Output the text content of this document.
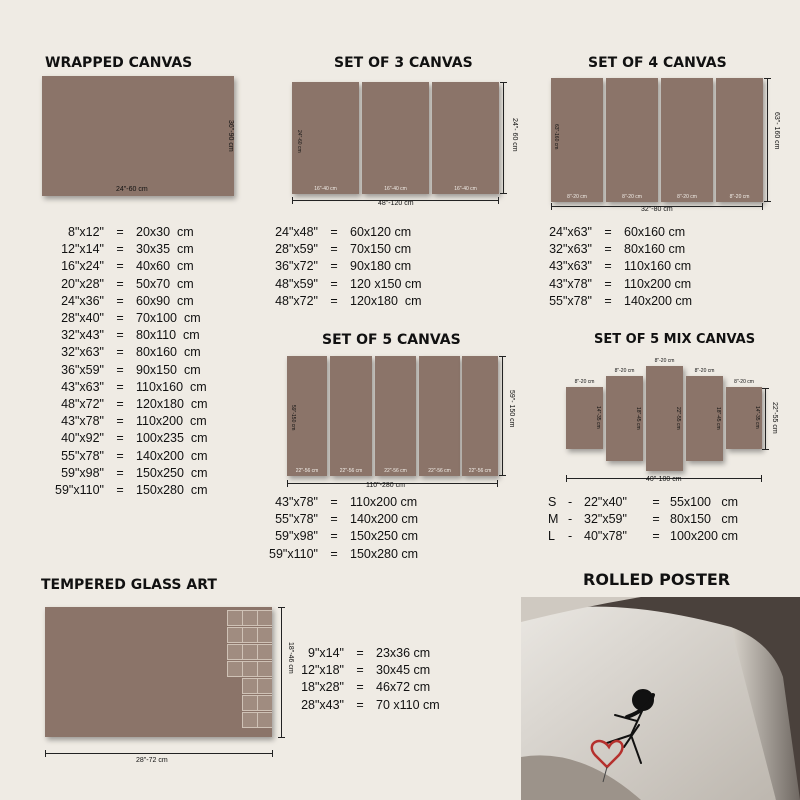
WRAPPED CANVAS
24"-60 cm
36"-90 cm
8"x12" = 20x30  cm
12"x14" = 30x35  cm
16"x24" = 40x60  cm
20"x28" = 50x70  cm
24"x36" = 60x90  cm
28"x40" = 70x100  cm
32"x43" = 80x110  cm
32"x63" = 80x160  cm
36"x59" = 90x150  cm
43"x63" = 110x160  cm
48"x72" = 120x180  cm
43"x78" = 110x200  cm
40"x92" = 100x235  cm
55"x78" = 140x200  cm
59"x98" = 150x250  cm
59"x110" = 150x280  cm
SET OF 3 CANVAS
16"-40 cm	16"-40 cm	16"-40 cm
24"-60 cm	24"- 60 cm
48"-120 cm
24"x48" = 60x120 cm
28"x59" = 70x150 cm
36"x72" = 90x180 cm
48"x59" = 120 x150 cm
48"x72" = 120x180  cm
SET OF 4 CANVAS
8"-20 cm	8"-20 cm	8"-20 cm	8"-20 cm
63"-160 cm	63"- 160 cm
32"-80 cm
24"x63" = 60x160 cm
32"x63" = 80x160 cm
43"x63" = 110x160 cm
43"x78" = 110x200 cm
55"x78" = 140x200 cm
SET OF 5 CANVAS
22"-56 cm	22"-56 cm	22"-56 cm	22"-56 cm	22"-56 cm
59"-150 cm	59"- 150 cm
110"-280 cm
43"x78" = 110x200 cm
55"x78" = 140x200 cm
59"x98" = 150x250 cm
59"x110" = 150x280 cm
SET OF 5 MIX CANVAS
8"-20 cm
14"-35 cm
8"-20 cm
18"-45 cm
8"-20 cm
22"-55 cm
8"-20 cm
18"-45 cm
8"-20 cm
14"-35 cm 22"-55 cm
40"-100 cm
S - 22"x40"	= 55x100   cm
M - 32"x59"	= 80x150   cm
L	- 40"x78"	= 100x200 cm
TEMPERED GLASS ART
28"-72 cm
18"-46 cm	9"x14" = 23x36 cm
12"x18" = 30x45 cm
18"x28" = 46x72 cm
28"x43" = 70 x110 cm
ROLLED POSTER
